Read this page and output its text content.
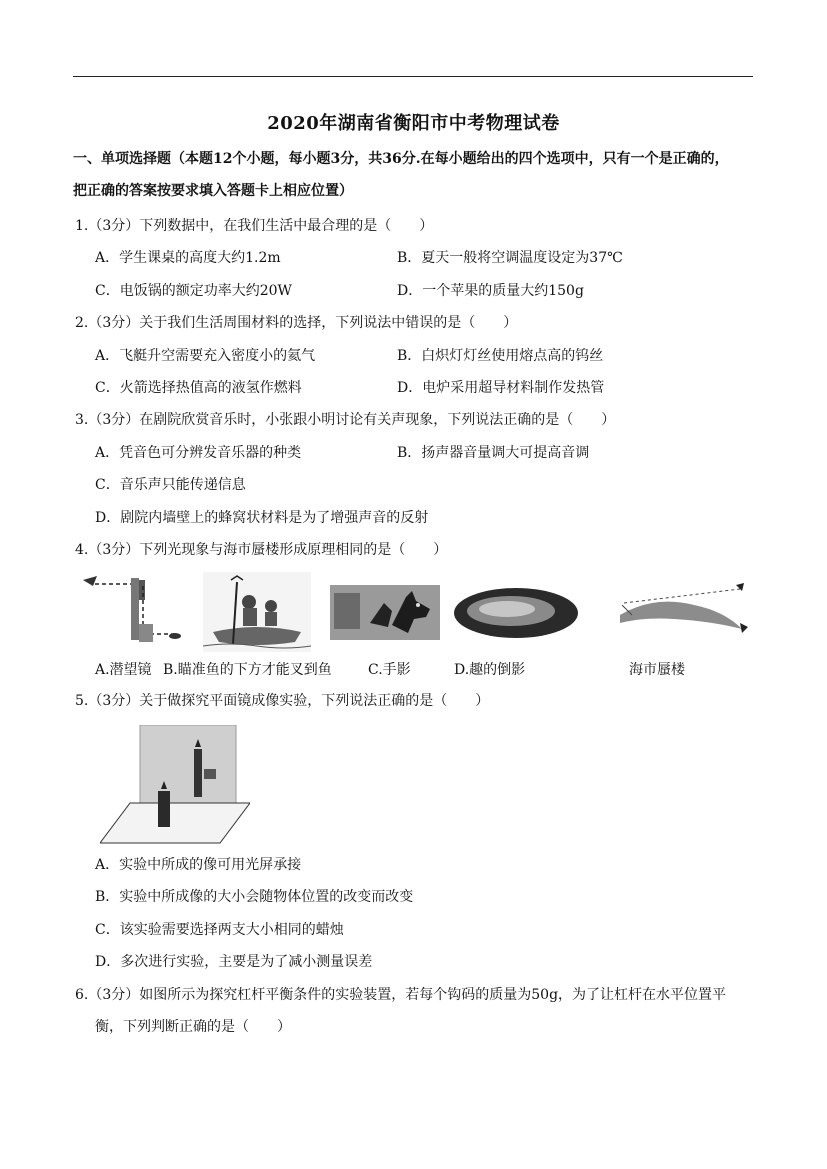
2020年湖南省衡阳市中考物理试卷
一、单项选择题（本题12个小题，每小题3分，共36分.在每小题给出的四个选项中，只有一个是正确的，
把正确的答案按要求填入答题卡上相应位置）
1.（3分）下列数据中，在我们生活中最合理的是（　　）
A．学生课桌的高度大约1.2m	B．夏天一般将空调温度设定为37℃
C．电饭锅的额定功率大约20W	D．一个苹果的质量大约150g
2.（3分）关于我们生活周围材料的选择，下列说法中错误的是（　　）
A．飞艇升空需要充入密度小的氦气	B．白炽灯灯丝使用熔点高的钨丝
C．火箭选择热值高的液氢作燃料	D．电炉采用超导材料制作发热管
3.（3分）在剧院欣赏音乐时，小张跟小明讨论有关声现象，下列说法正确的是（　　）
A．凭音色可分辨发音乐器的种类	B．扬声器音量调大可提高音调
C．音乐声只能传递信息
D．剧院内墙壁上的蜂窝状材料是为了增强声音的反射
4.（3分）下列光现象与海市蜃楼形成原理相同的是（　　）
A.潜望镜 B.瞄准鱼的下方才能叉到鱼	C.手影	D.趣的倒影	海市蜃楼
5.（3分）关于做探究平面镜成像实验，下列说法正确的是（　　）
A．实验中所成的像可用光屏承接
B．实验中所成像的大小会随物体位置的改变而改变
C．该实验需要选择两支大小相同的蜡烛
D．多次进行实验，主要是为了减小测量误差
6.（3分）如图所示为探究杠杆平衡条件的实验装置，若每个钩码的质量为50g，为了让杠杆在水平位置平
衡，下列判断正确的是（　　）
